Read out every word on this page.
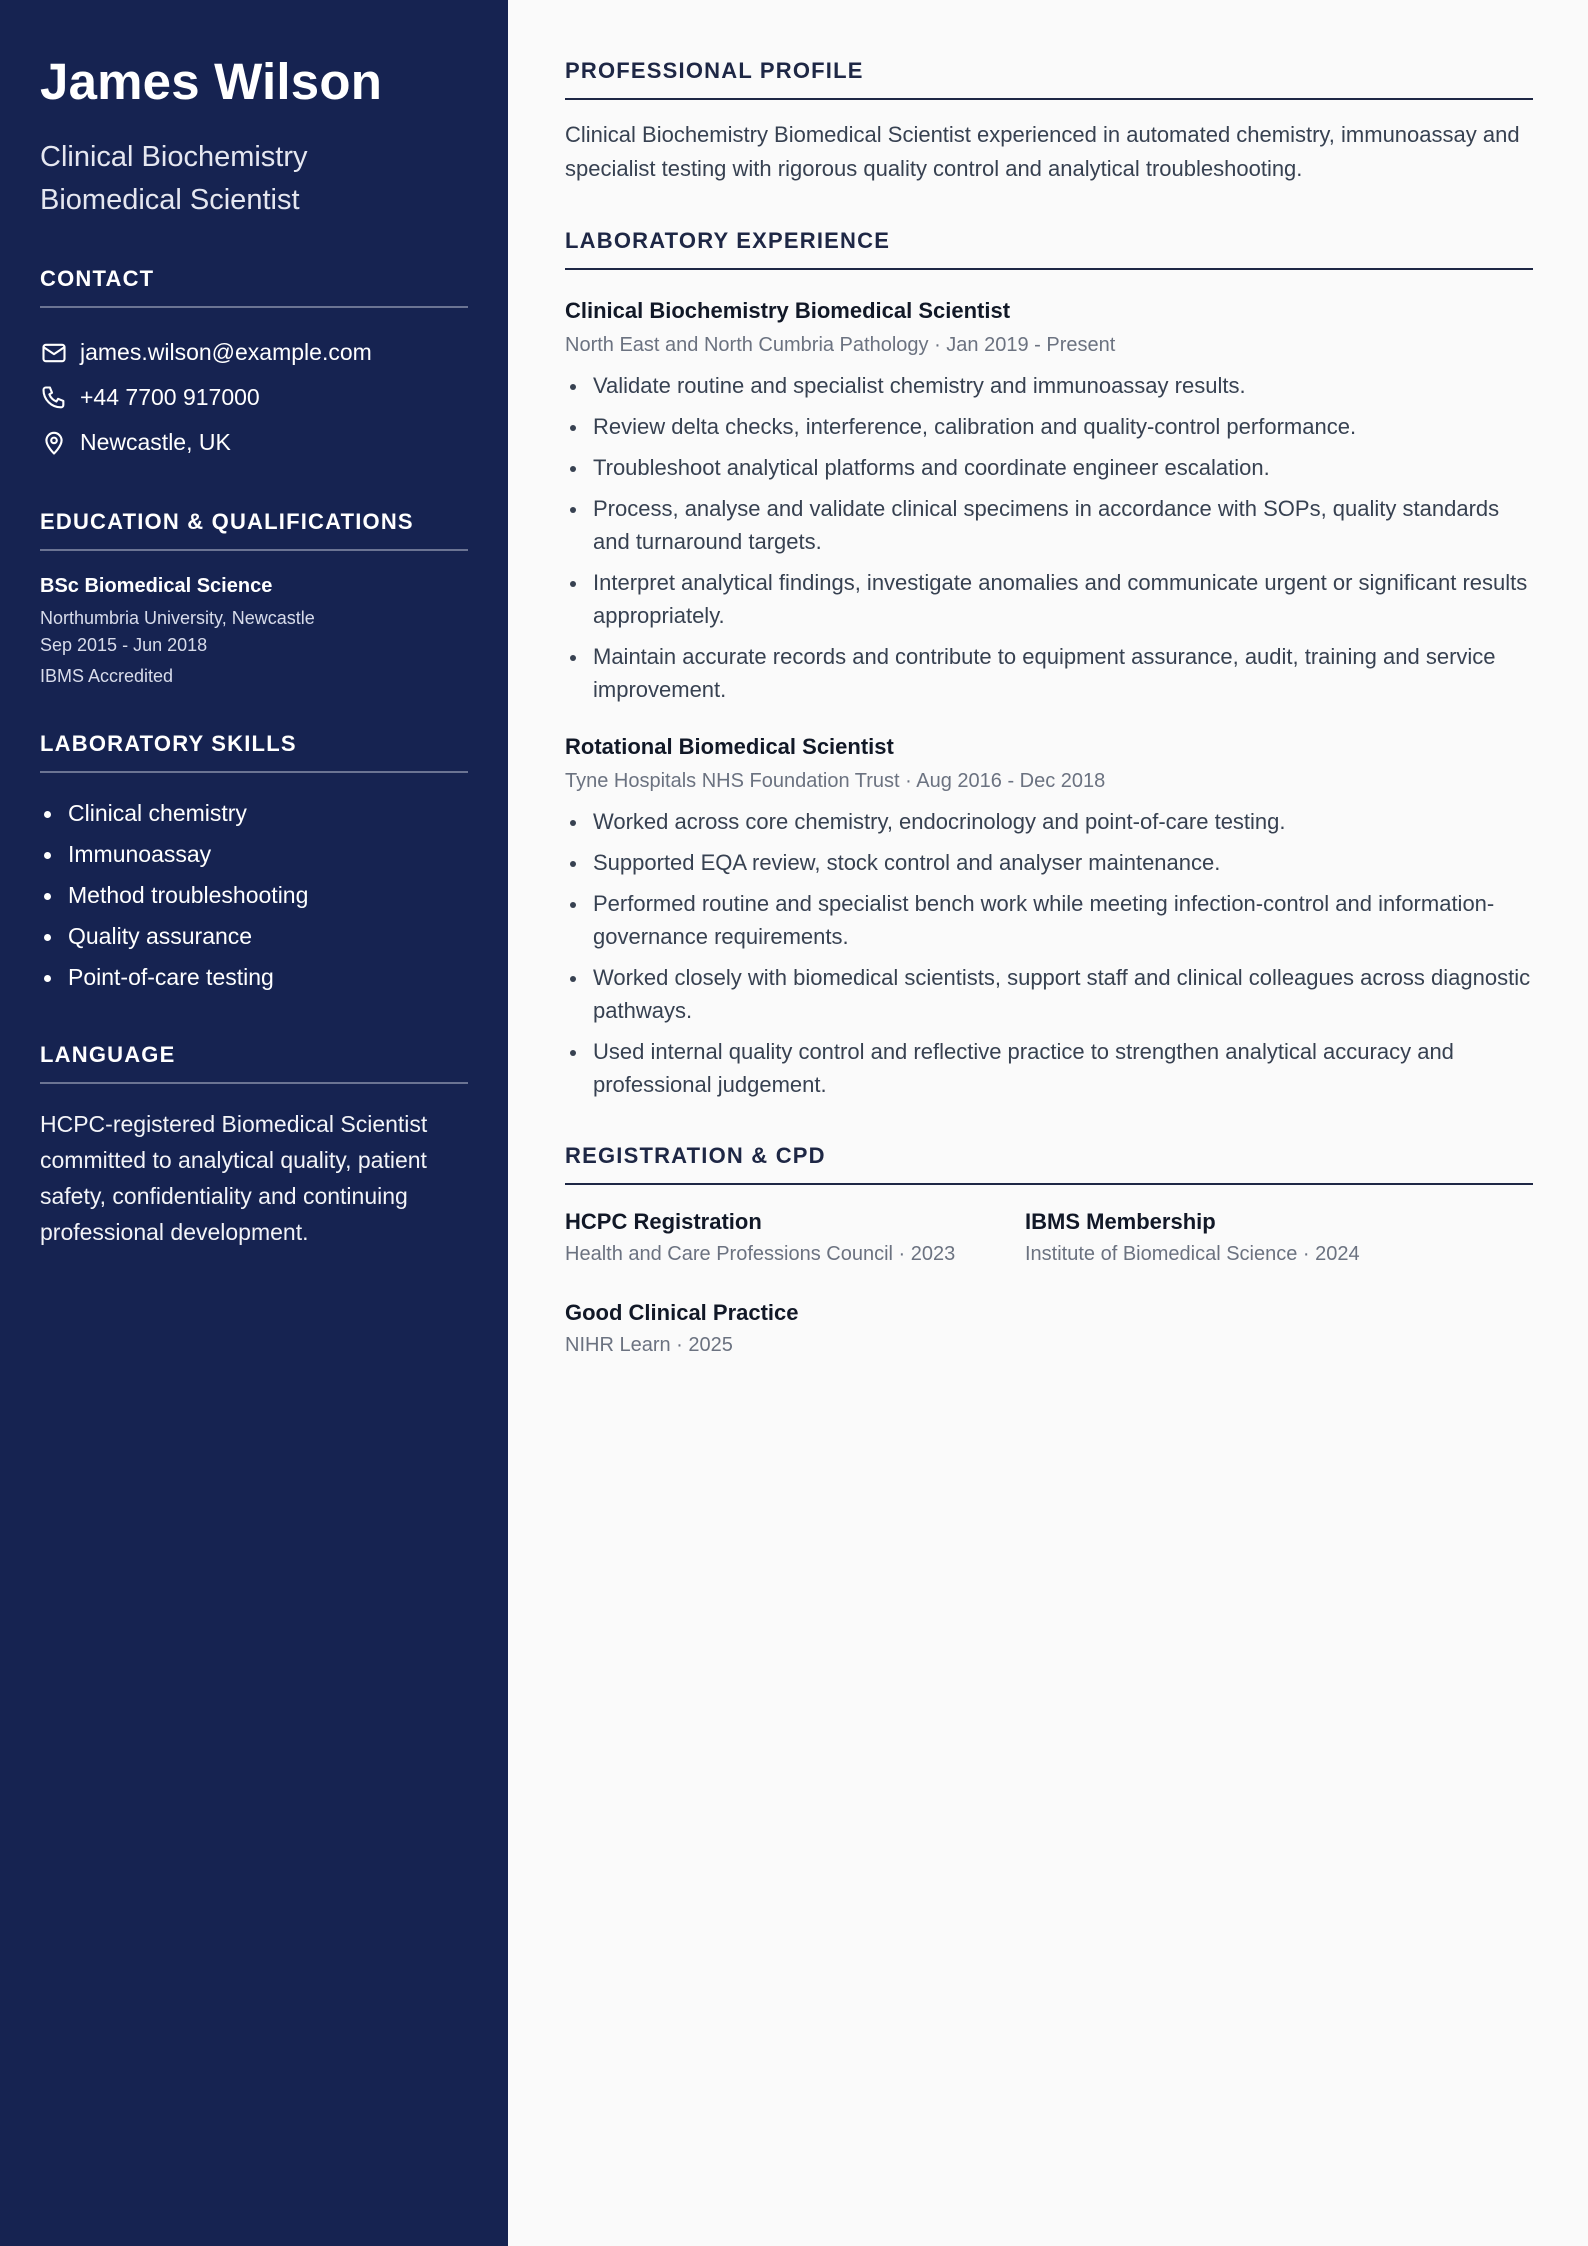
James Wilson
Clinical Biochemistry
Biomedical Scientist
CONTACT
james.wilson@example.com
+44 7700 917000
Newcastle, UK
EDUCATION & QUALIFICATIONS
BSc Biomedical Science
Northumbria University, Newcastle
Sep 2015 - Jun 2018
IBMS Accredited
LABORATORY SKILLS
Clinical chemistry
Immunoassay
Method troubleshooting
Quality assurance
Point-of-care testing
LANGUAGE

HCPC-registered Biomedical Scientist committed to analytical quality, patient safety, confidentiality and continuing professional development.

PROFESSIONAL PROFILE

Clinical Biochemistry Biomedical Scientist experienced in automated chemistry, immunoassay and specialist testing with rigorous quality control and analytical troubleshooting.

LABORATORY EXPERIENCE
Clinical Biochemistry Biomedical Scientist
North East and North Cumbria Pathology · Jan 2019 - Present
Validate routine and specialist chemistry and immunoassay results.
Review delta checks, interference, calibration and quality-control performance.
Troubleshoot analytical platforms and coordinate engineer escalation.
Process, analyse and validate clinical specimens in accordance with SOPs, quality standards and turnaround targets.
Interpret analytical findings, investigate anomalies and communicate urgent or significant results appropriately.
Maintain accurate records and contribute to equipment assurance, audit, training and service improvement.
Rotational Biomedical Scientist
Tyne Hospitals NHS Foundation Trust · Aug 2016 - Dec 2018
Worked across core chemistry, endocrinology and point-of-care testing.
Supported EQA review, stock control and analyser maintenance.
Performed routine and specialist bench work while meeting infection-control and information-governance requirements.
Worked closely with biomedical scientists, support staff and clinical colleagues across diagnostic pathways.
Used internal quality control and reflective practice to strengthen analytical accuracy and professional judgement.
REGISTRATION & CPD
HCPC Registration
Health and Care Professions Council · 2023
IBMS Membership
Institute of Biomedical Science · 2024
Good Clinical Practice
NIHR Learn · 2025
